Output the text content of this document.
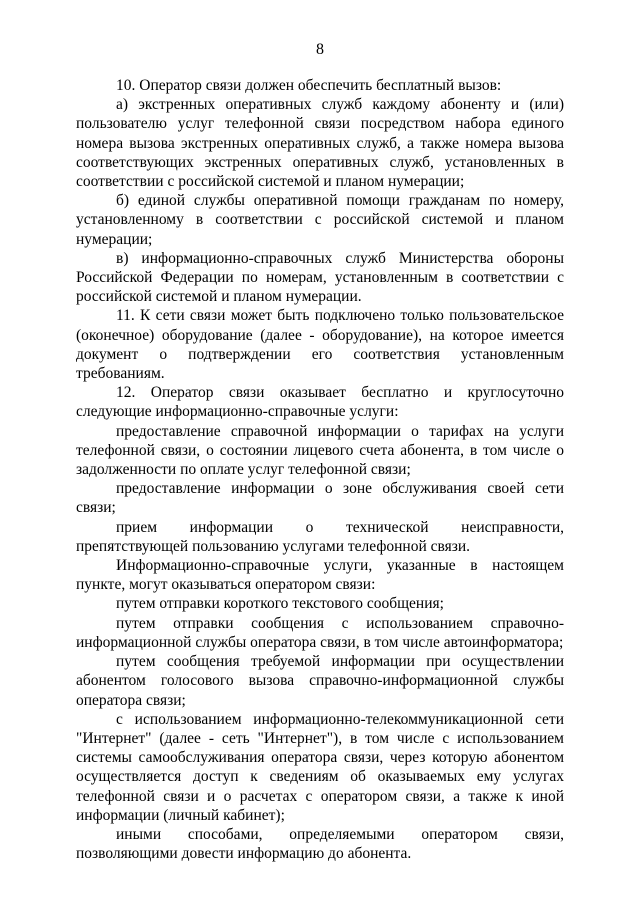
8

10. Оператор связи должен обеспечить бесплатный вызов:

а) экстренных оперативных служб каждому абоненту и (или) пользователю услуг телефонной связи посредством набора единого номера вызова экстренных оперативных служб, а также номера вызова соответствующих экстренных оперативных служб, установленных в соответствии с российской системой и планом нумерации;

б) единой службы оперативной помощи гражданам по номеру, установленному в соответствии с российской системой и планом нумерации;

в) информационно-справочных служб Министерства обороны Российской Федерации по номерам, установленным в соответствии с российской системой и планом нумерации.

11. К сети связи может быть подключено только пользовательское (оконечное) оборудование (далее - оборудование), на которое имеется документ о подтверждении его соответствия установленным требованиям.

12. Оператор связи оказывает бесплатно и круглосуточно следующие информационно-справочные услуги:

предоставление справочной информации о тарифах на услуги телефонной связи, о состоянии лицевого счета абонента, в том числе о задолженности по оплате услуг телефонной связи;

предоставление информации о зоне обслуживания своей сети связи;

прием информации о технической неисправности, препятствующей пользованию услугами телефонной связи.

Информационно-справочные услуги, указанные в настоящем пункте, могут оказываться оператором связи:

путем отправки короткого текстового сообщения;

путем отправки сообщения с использованием справочно-информационной службы оператора связи, в том числе автоинформатора;

путем сообщения требуемой информации при осуществлении абонентом голосового вызова справочно-информационной службы оператора связи;

с использованием информационно-телекоммуникационной сети "Интернет" (далее - сеть "Интернет"), в том числе с использованием системы самообслуживания оператора связи, через которую абонентом осуществляется доступ к сведениям об оказываемых ему услугах телефонной связи и о расчетах с оператором связи, а также к иной информации (личный кабинет);

иными способами, определяемыми оператором связи, позволяющими довести информацию до абонента.
